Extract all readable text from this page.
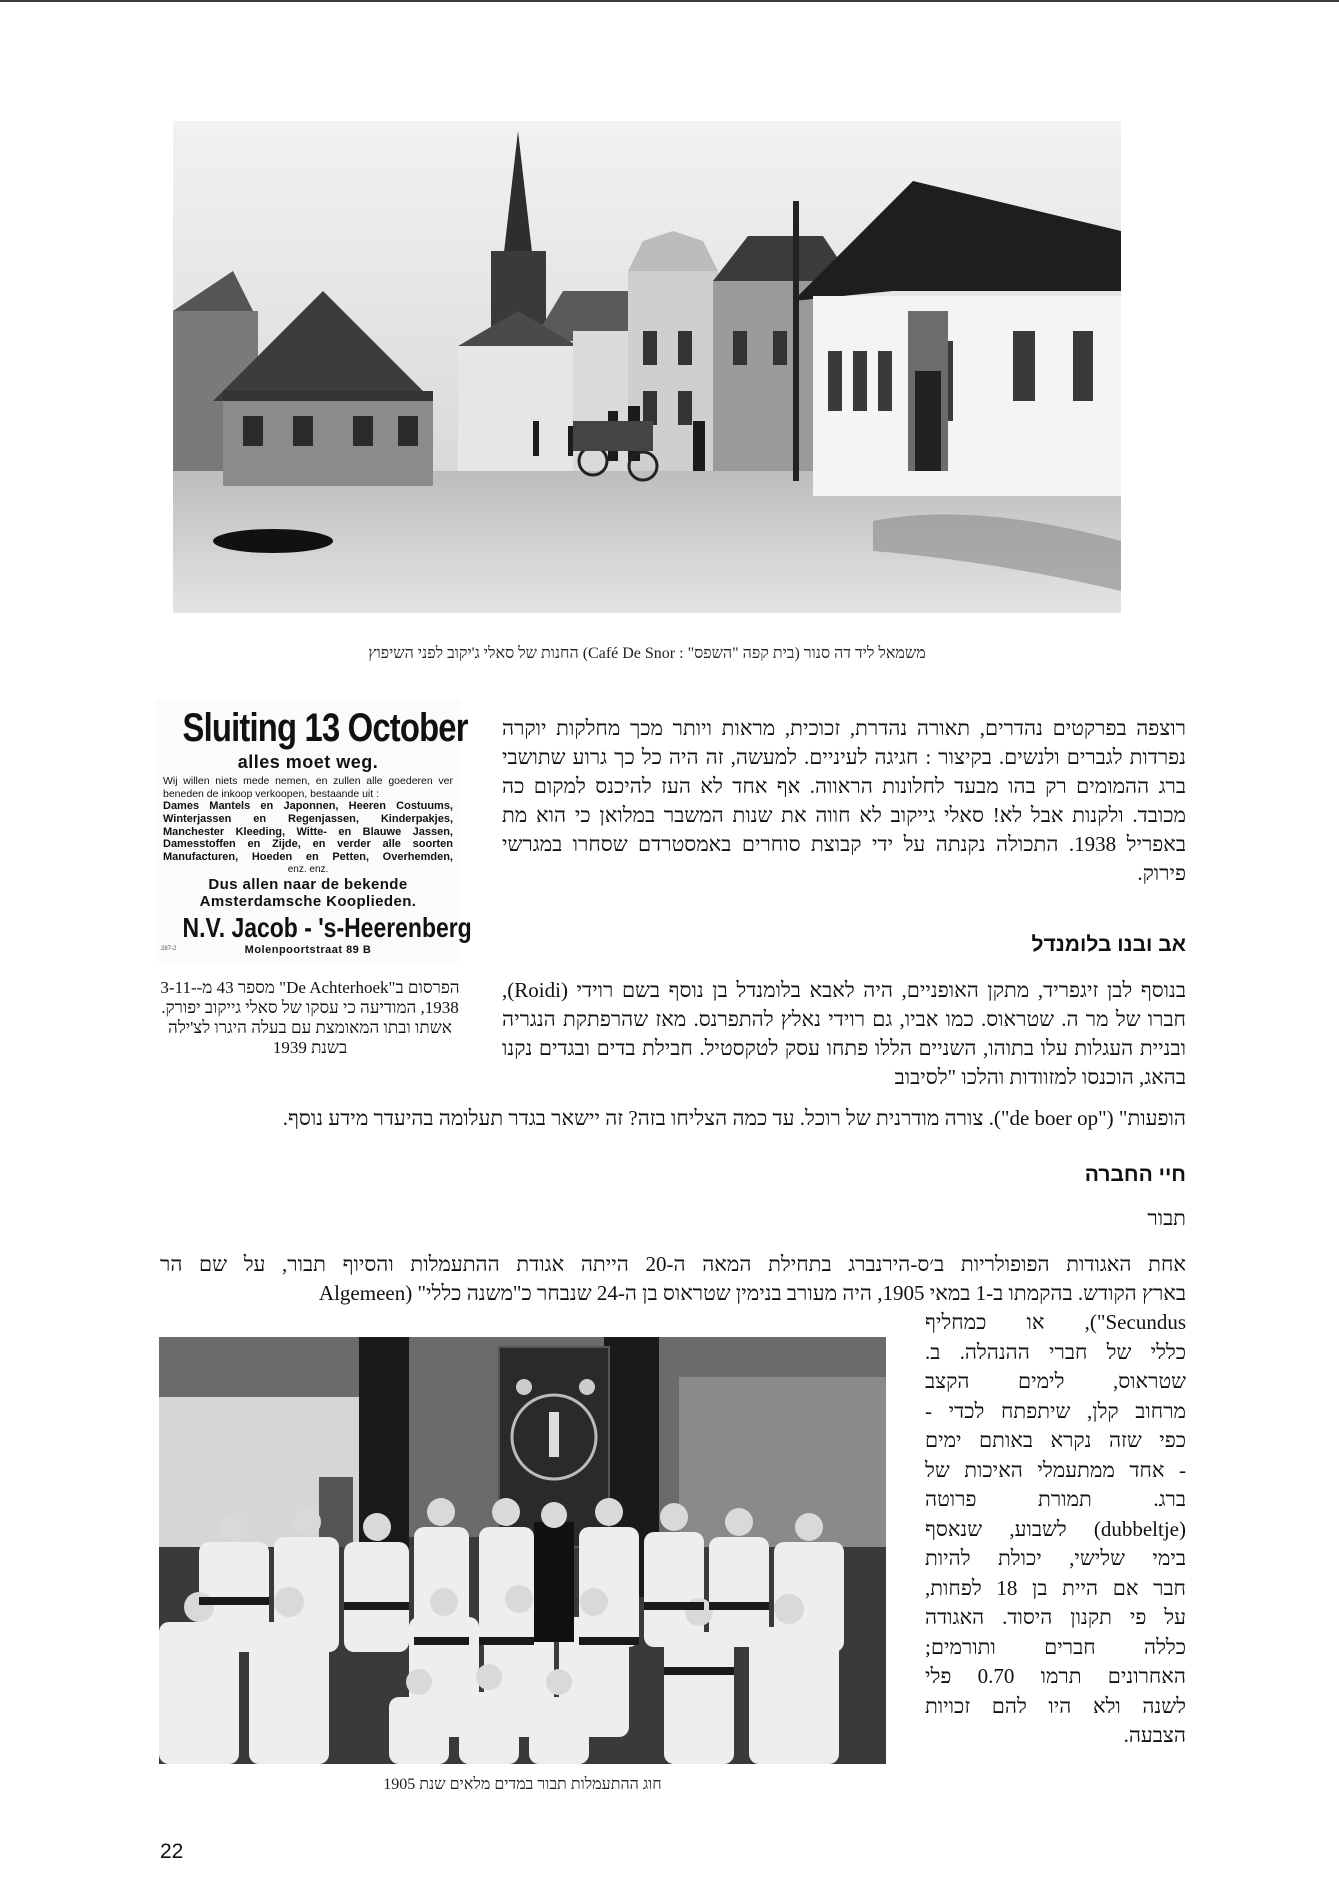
משמאל ליד דה סנור (בית קפה "השפס" : Café De Snor) החנות של סאלי ג'יקוב לפני השיפוץ
Sluiting 13 October
alles moet weg.
Wij willen niets mede nemen, en zullen alle goederen ver beneden de inkoop verkoopen, bestaande uit :
Dames Mantels en Japonnen, Heeren Costuums,
Winterjassen en Regenjassen, Kinderpakjes,
Manchester Kleeding, Witte- en Blauwe Jassen,
Damesstoffen en Zijde, en verder alle soorten
Manufacturen, Hoeden en Petten, Overhemden,
enz. enz.
Dus allen naar de bekende
Amsterdamsche Kooplieden.
N.V. Jacob - 's-Heerenberg
Molenpoortstraat 89 B
287-2
הפרסום ב"De Achterhoek" מספר 43 מ-3-11-1938, המודיעה כי עסקו של סאלי גייקוב יפורק. אשתו ובתו המאומצת עם בעלה היגרו לצ'ילה בשנת 1939
רוצפה בפרקטים נהדרים, תאורה נהדרת, זכוכית, מראות ויותר מכך מחלקות יוקרה נפרדות לגברים ולנשים. בקיצור : חגיגה לעיניים. למעשה, זה היה כל כך גרוע שתושבי ברג ההמומים רק בהו מבעד לחלונות הראווה. אף אחד לא העז להיכנס למקום כה מכובד. ולקנות אבל לא! סאלי גייקוב לא חווה את שנות המשבר במלואן כי הוא מת באפריל 1938. התכולה נקנתה על ידי קבוצת סוחרים באמסטרדם שסחרו במגרשי פירוק.
אב ובנו בלומנדל
בנוסף לבן זיגפריד, מתקן האופניים, היה לאבא בלומנדל בן נוסף בשם רוידי (Roidi), חברו של מר ה. שטראוס. כמו אביו, גם רוידי נאלץ להתפרנס. מאז שהרפתקת הנגריה ובניית העגלות עלו בתוהו, השניים הללו פתחו עסק לטקסטיל. חבילת בדים ובגדים נקנו בהאג, הוכנסו למזוודות והלכו "לסיבוב
הופעות" ("de boer op"). צורה מודרנית של רוכל. עד כמה הצליחו בזה? זה יישאר בגדר תעלומה בהיעדר מידע נוסף.
חיי החברה
תבור
אחת האגודות הפופולריות ב׳ס-הירנברג בתחילת המאה ה-20 הייתה אגודת ההתעמלות והסיוף תבור, על שם הר
בארץ הקודש. בהקמתו ב-1 במאי 1905, היה מעורב בנימין שטראוס בן ה-24 שנבחר כ"משנה כללי" (Algemeen
Secundus"), או כמחליף
כללי של חברי ההנהלה. ב.
שטראוס, לימים הקצב
מרחוב קלן, שיתפתח לכדי -
כפי שזה נקרא באותם ימים
- אחד ממתעמלי האיכות של
ברג. תמורת פרוטה
(dubbeltje) לשבוע, שנאסף
בימי שלישי, יכולת להיות
חבר אם היית בן 18 לפחות,
על פי תקנון היסוד. האגודה
כללה חברים ותורמים;
האחרונים תרמו 0.70 פלי
לשנה ולא היו להם זכויות
הצבעה.
חוג ההתעמלות תבור במדים מלאים שנת 1905
22
